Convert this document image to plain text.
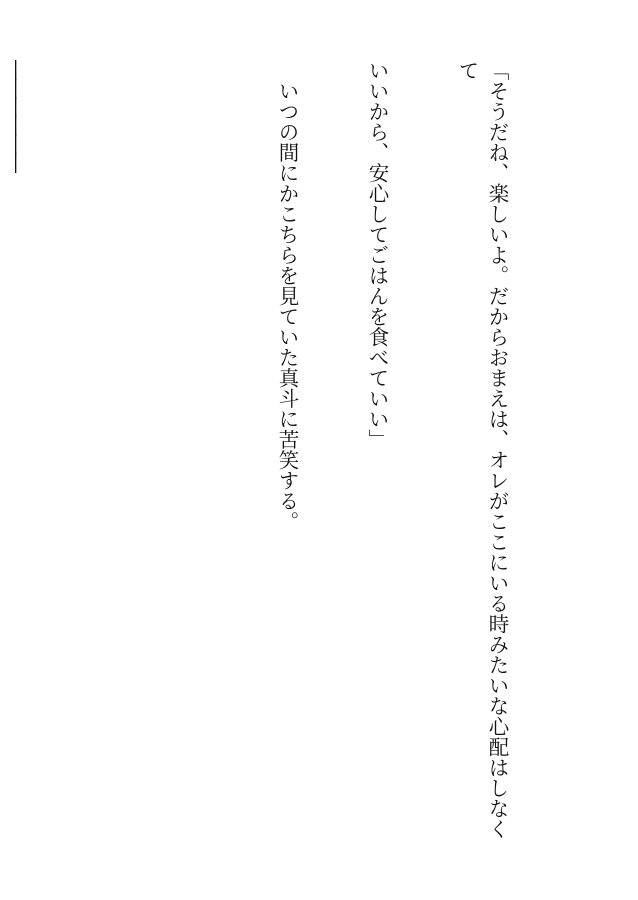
「そうだね、楽しいよ。だからおまえは、オレがここにいる時みたいな心配はしなくて

いいから、安心してごはんを食べていい」

　いつの間にかこちらを見ていた真斗に苦笑する。

――――――
